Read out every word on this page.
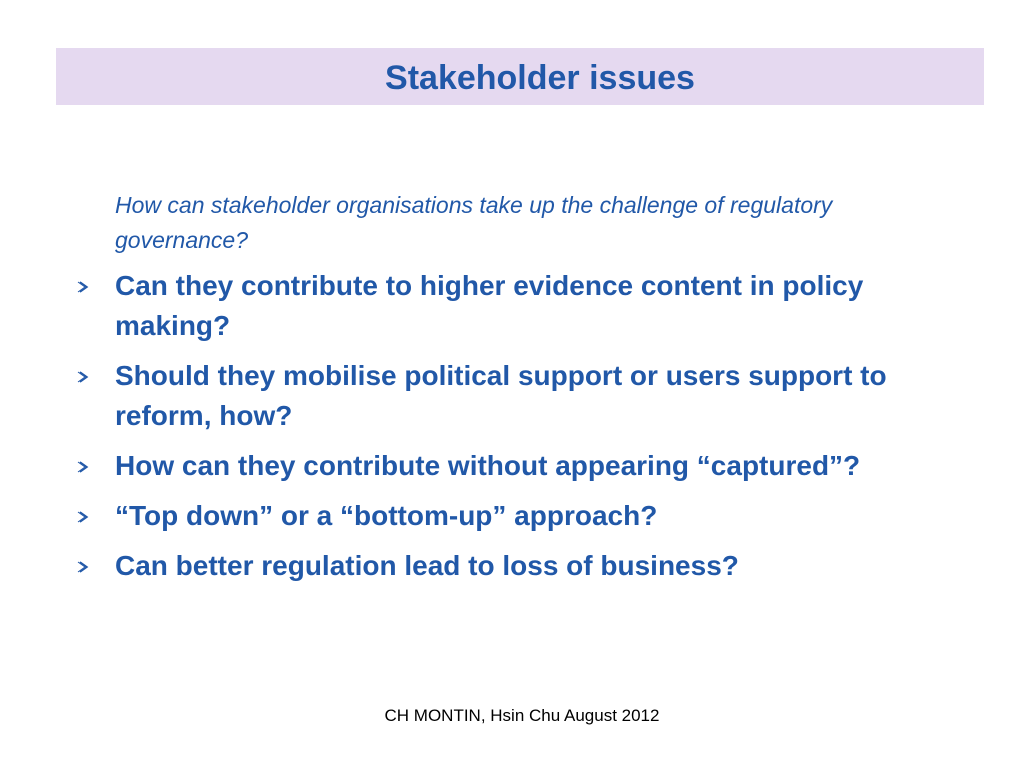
Stakeholder issues
How can stakeholder organisations take up the challenge of regulatory governance?
Can they contribute to higher evidence content in policy making?
Should they mobilise political support or users support to reform, how?
How can they contribute without appearing “captured”?
“Top down” or a “bottom-up” approach?
Can better regulation lead to loss of business?
CH MONTIN, Hsin Chu August 2012
